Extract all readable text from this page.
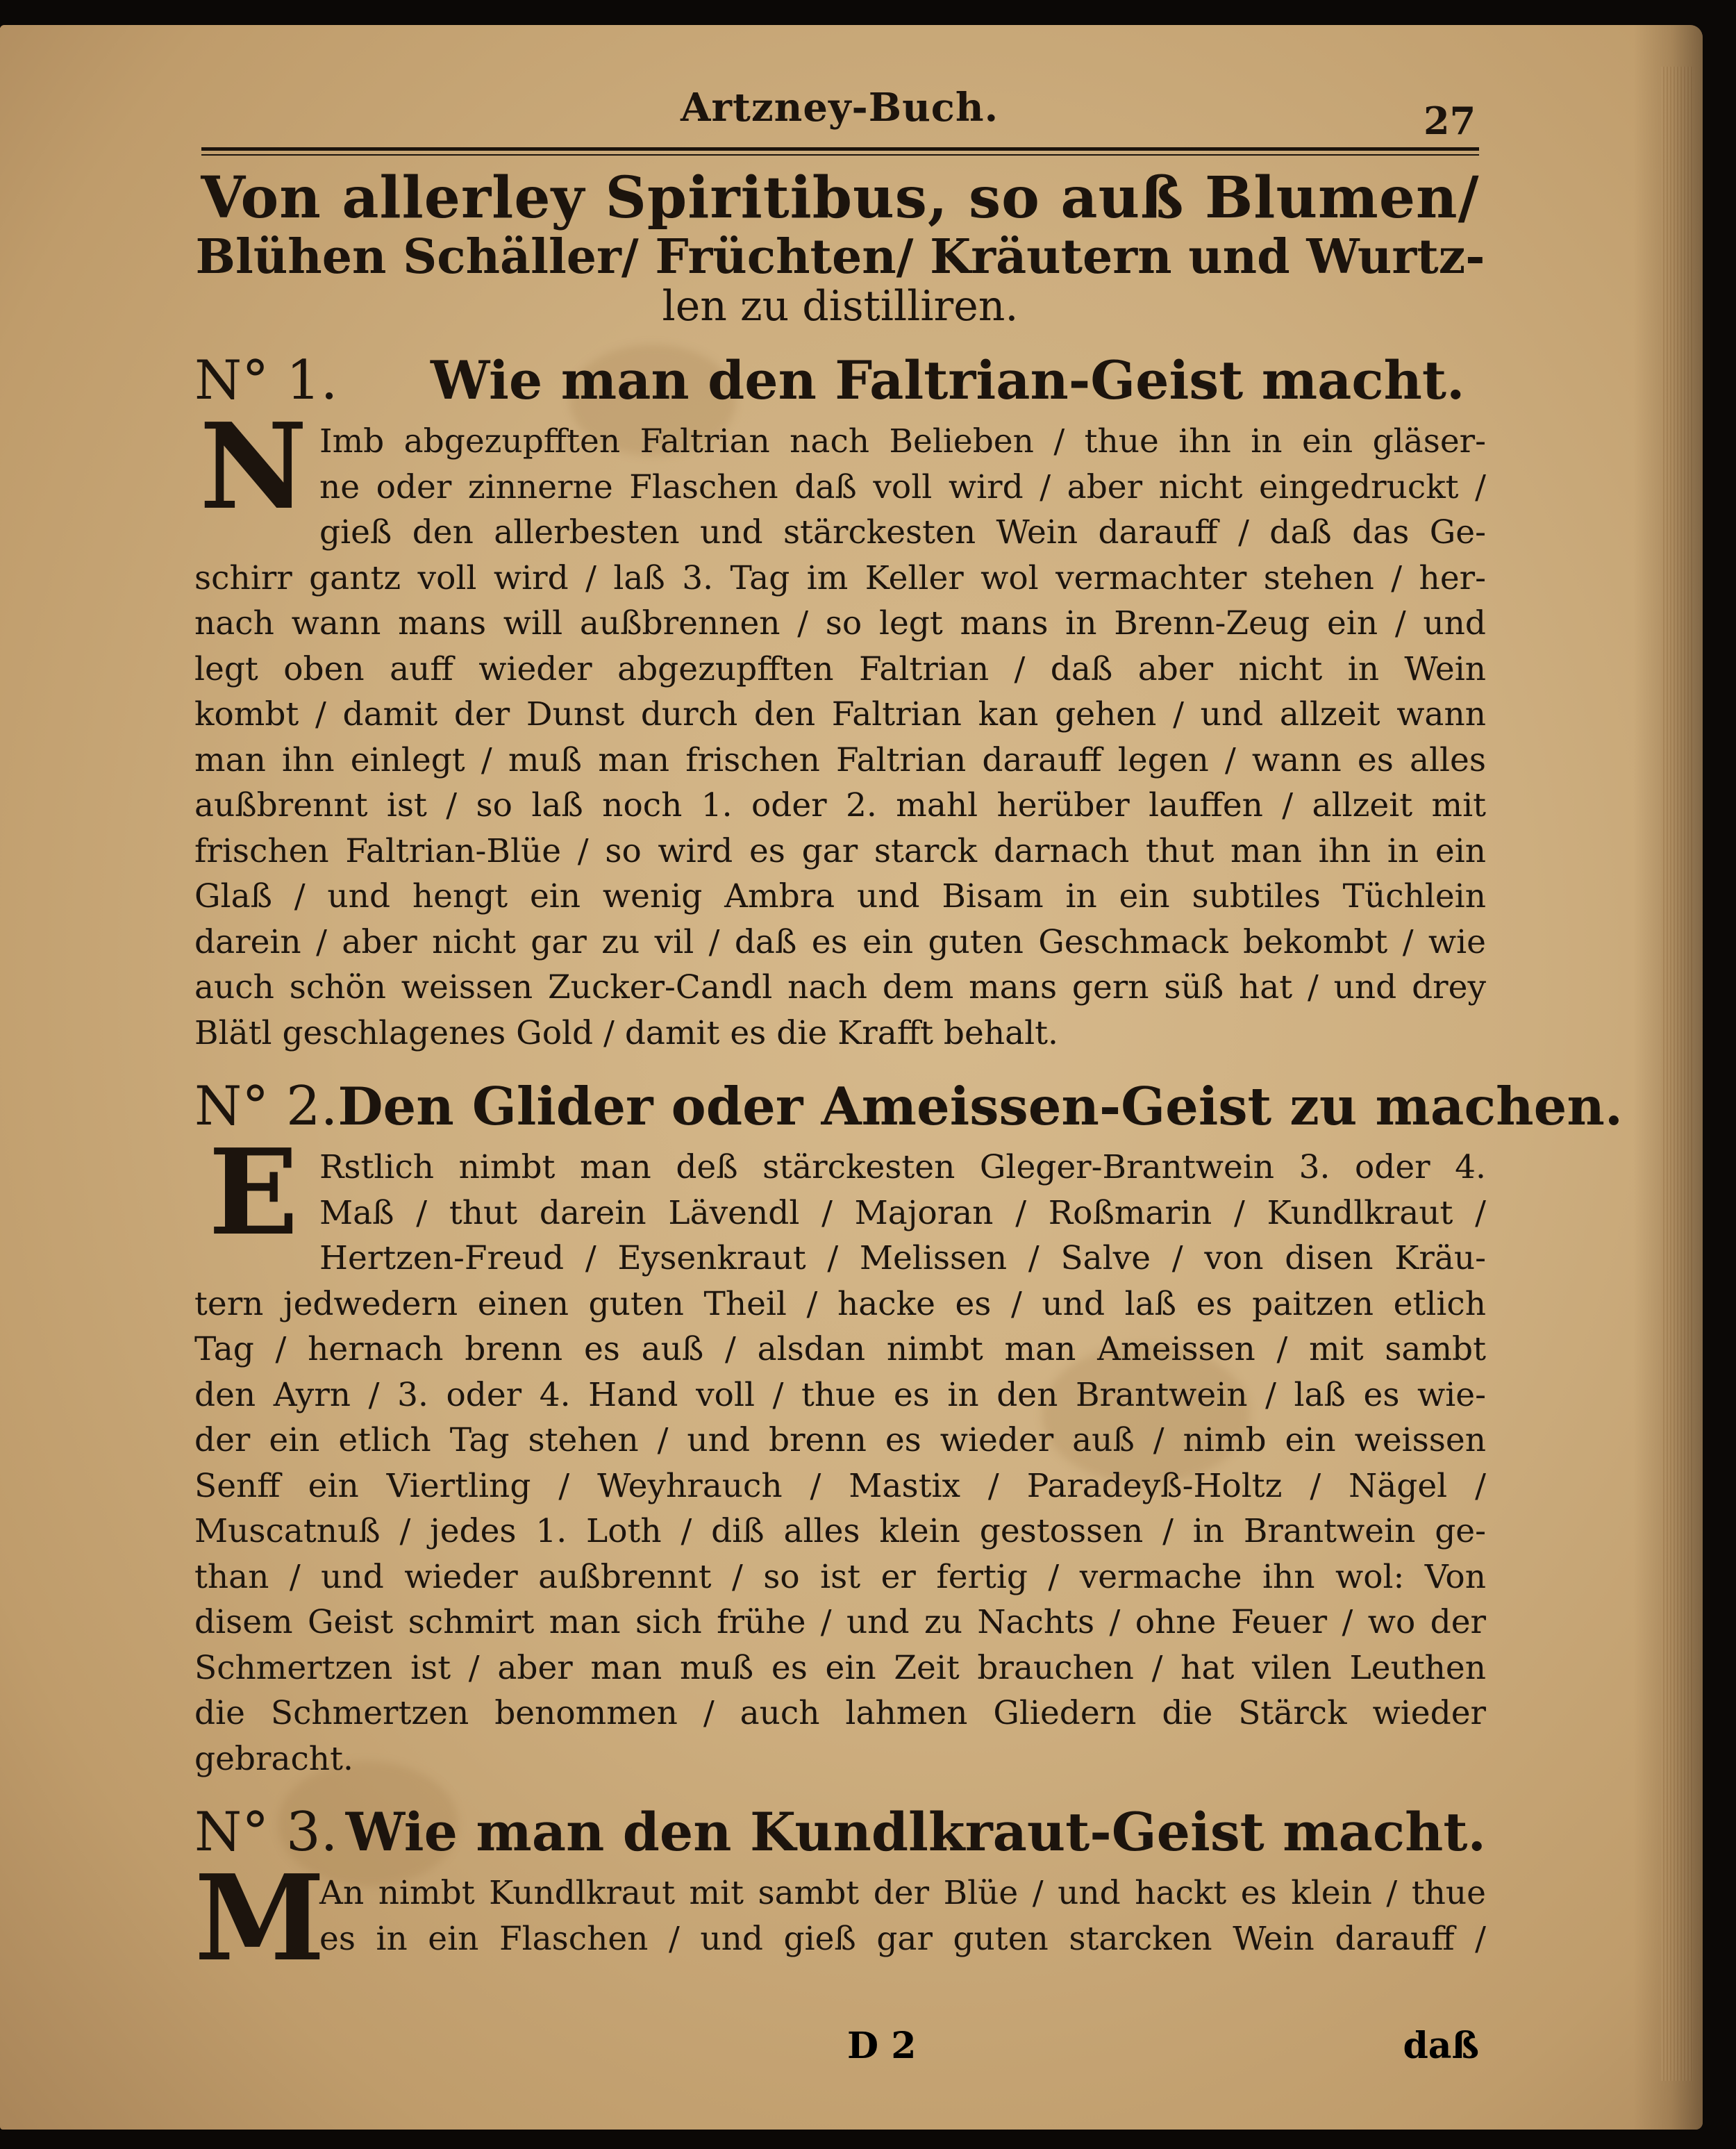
Artzney-Buch.	27
Von allerley Spiritibus, so auß Blumen/
Blühen Schäller/ Früchten/ Kräutern und Wurtz-
len zu distilliren.
N° 1.	Wie man den Faltrian-Geist macht.
N Imb abgezupfften Faltrian nach Belieben / thue ihn in ein gläser-
ne oder zinnerne Flaschen daß voll wird / aber nicht eingedruckt /
gieß den allerbesten und stärckesten Wein darauff / daß das Ge-
schirr gantz voll wird / laß 3. Tag im Keller wol vermachter stehen / her-
nach wann mans will außbrennen / so legt mans in Brenn-Zeug ein / und
legt oben auff wieder abgezupfften Faltrian / daß aber nicht in Wein
kombt / damit der Dunst durch den Faltrian kan gehen / und allzeit wann
man ihn einlegt / muß man frischen Faltrian darauff legen / wann es alles
außbrennt ist / so laß noch 1. oder 2. mahl herüber lauffen / allzeit mit
frischen Faltrian-Blüe / so wird es gar starck darnach thut man ihn in ein
Glaß / und hengt ein wenig Ambra und Bisam in ein subtiles Tüchlein
darein / aber nicht gar zu vil / daß es ein guten Geschmack bekombt / wie
auch schön weissen Zucker-Candl nach dem mans gern süß hat / und drey
Blätl geschlagenes Gold / damit es die Krafft behalt.
N° 2. Den Glider oder Ameissen-Geist zu machen.
E Rstlich nimbt man deß stärckesten Gleger-Brantwein 3. oder 4.
Maß / thut darein Lävendl / Majoran / Roßmarin / Kundlkraut /
Hertzen-Freud / Eysenkraut / Melissen / Salve / von disen Kräu-
tern jedwedern einen guten Theil / hacke es / und laß es paitzen etlich
Tag / hernach brenn es auß / alsdan nimbt man Ameissen / mit sambt
den Ayrn / 3. oder 4. Hand voll / thue es in den Brantwein / laß es wie-
der ein etlich Tag stehen / und brenn es wieder auß / nimb ein weissen
Senff ein Viertling / Weyhrauch / Mastix / Paradeyß-Holtz / Nägel /
Muscatnuß / jedes 1. Loth / diß alles klein gestossen / in Brantwein ge-
than / und wieder außbrennt / so ist er fertig / vermache ihn wol: Von
disem Geist schmirt man sich frühe / und zu Nachts / ohne Feuer / wo der
Schmertzen ist / aber man muß es ein Zeit brauchen / hat vilen Leuthen
die Schmertzen benommen / auch lahmen Gliedern die Stärck wieder
gebracht.
N° 3. Wie man den Kundlkraut-Geist macht.
M
An nimbt Kundlkraut mit sambt der Blüe / und hackt es klein / thue
es in ein Flaschen / und gieß gar guten starcken Wein darauff /
D 2	daß
